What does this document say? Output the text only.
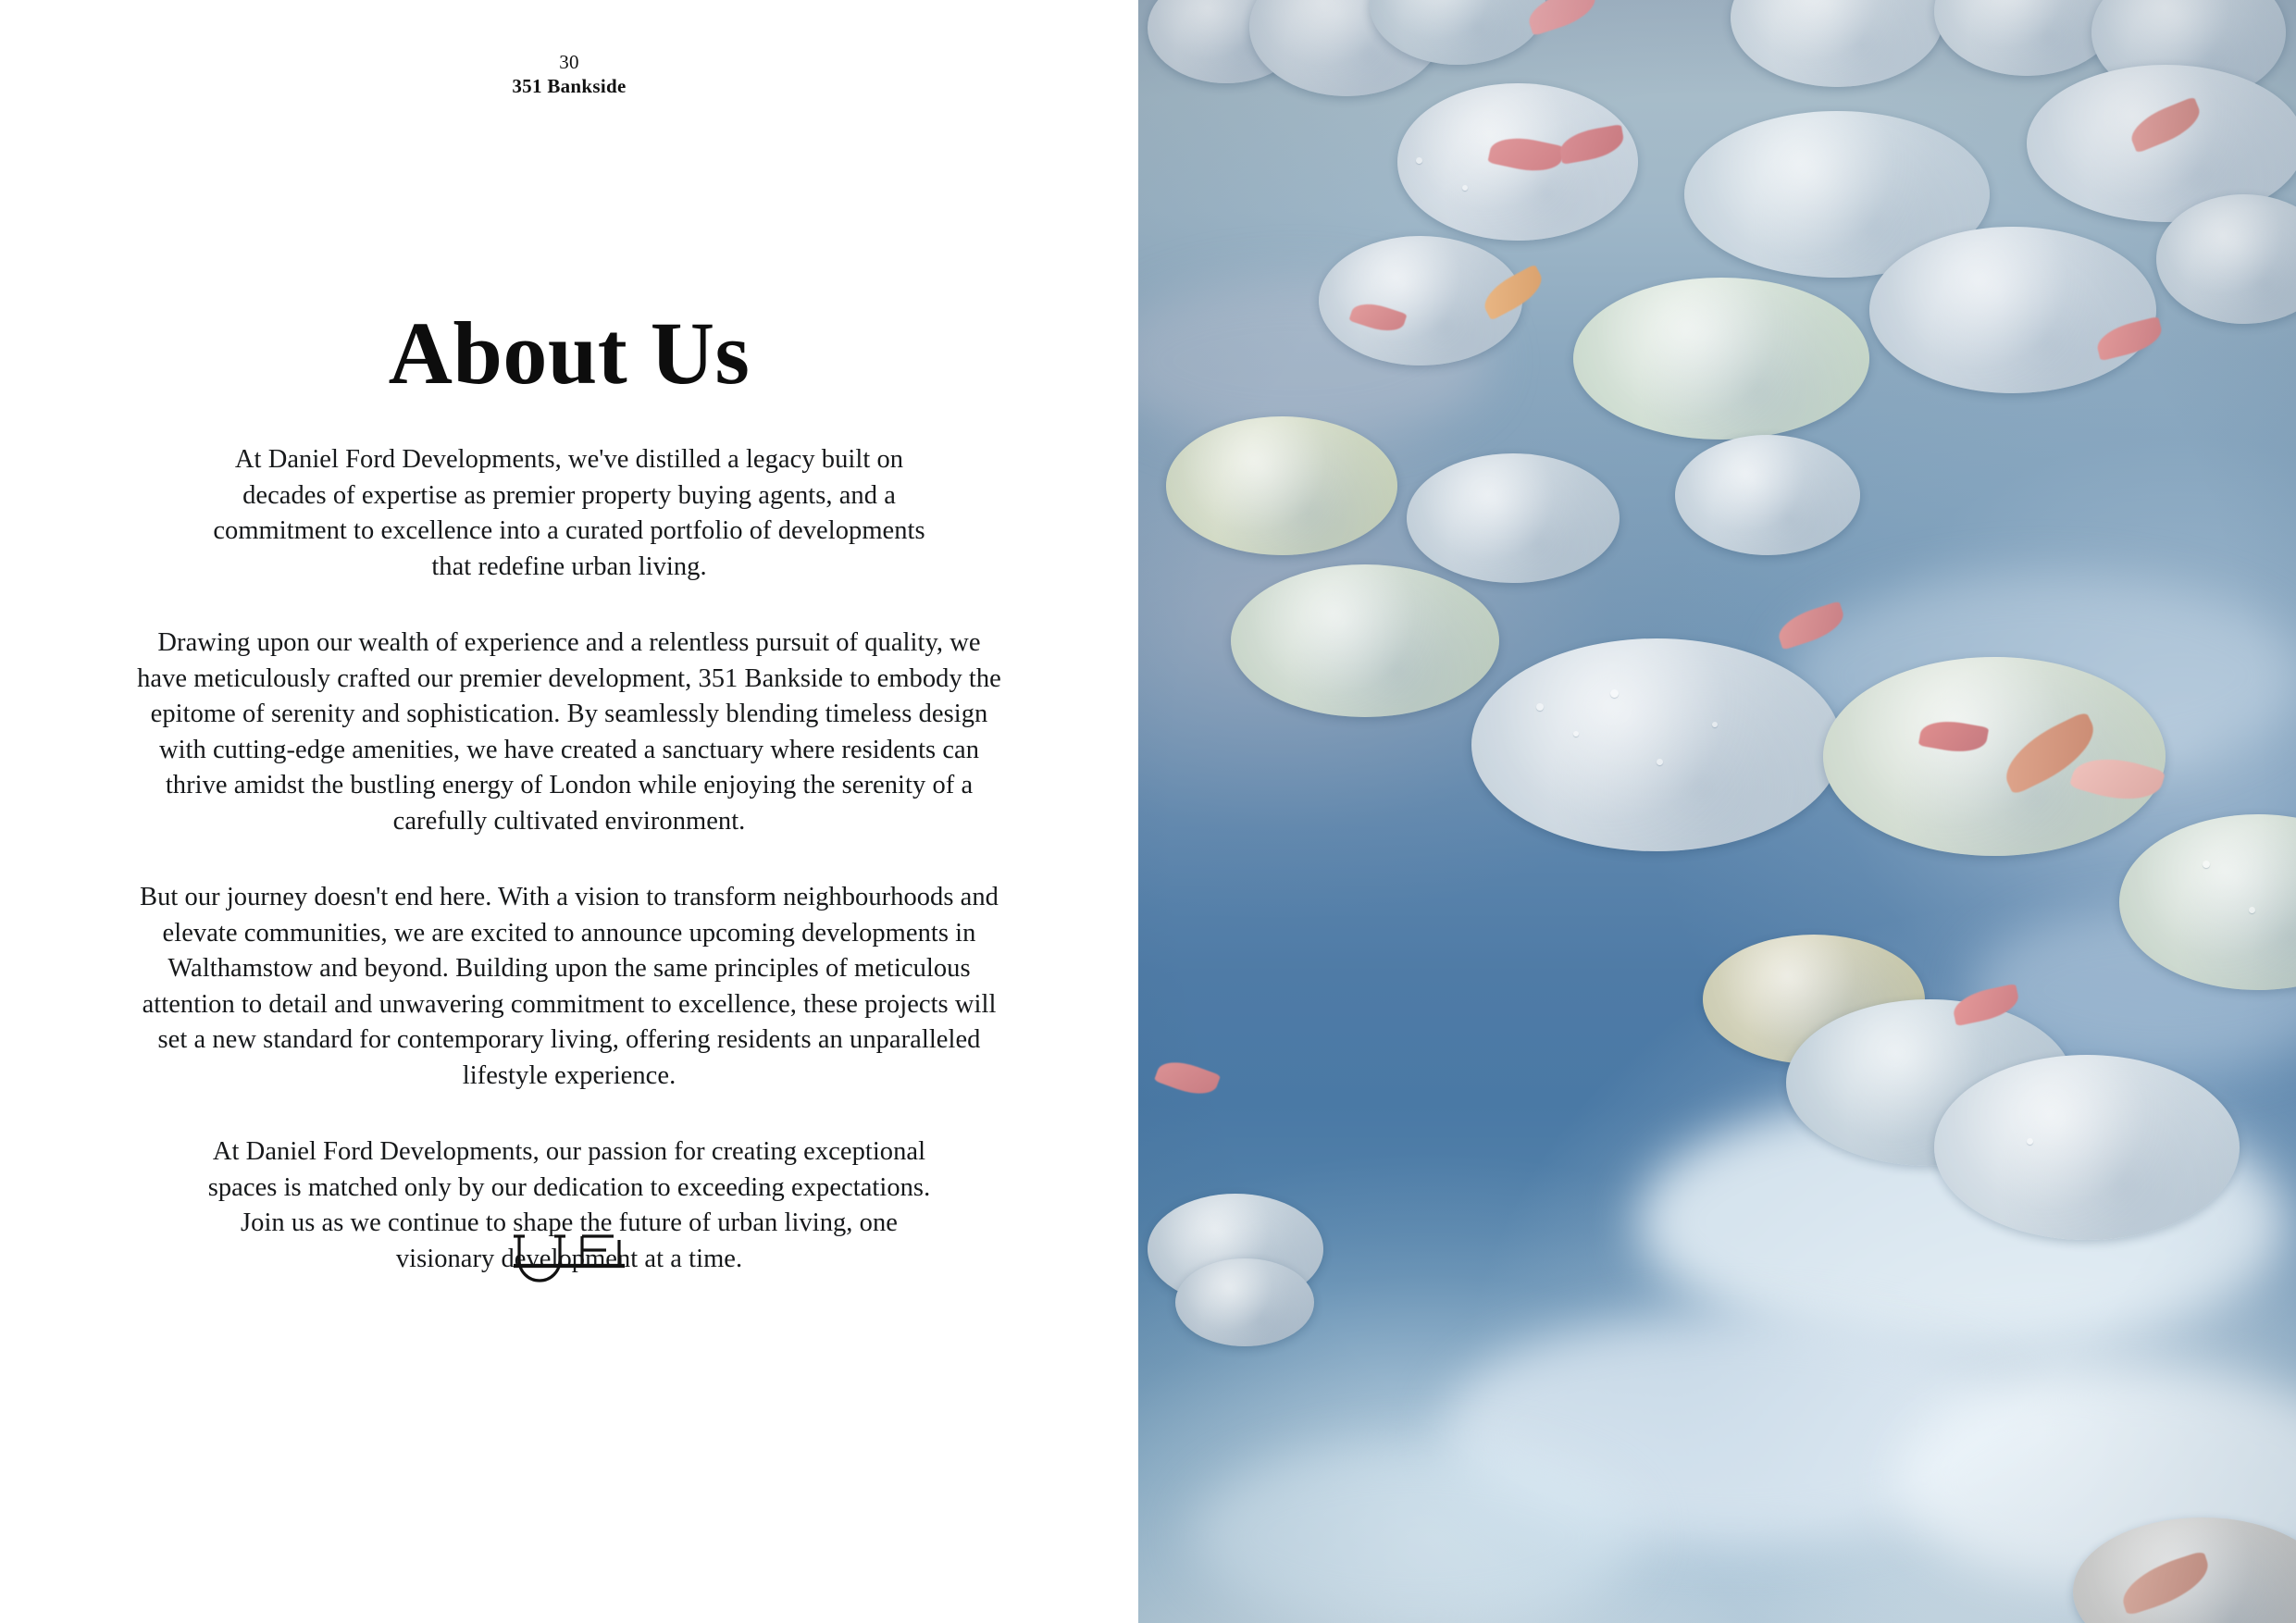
30
351 Bankside
About Us

At Daniel Ford Developments, we've distilled a legacy built on decades of expertise as premier property buying agents, and a commitment to excellence into a curated portfolio of developments that redefine urban living.

Drawing upon our wealth of experience and a relentless pursuit of quality, we have meticulously crafted our premier development, 351 Bankside to embody the epitome of serenity and sophistication. By seamlessly blending timeless design with cutting-edge amenities, we have created a sanctuary where residents can thrive amidst the bustling energy of London while enjoying the serenity of a carefully cultivated environment.

But our journey doesn't end here. With a vision to transform neighbourhoods and elevate communities, we are excited to announce upcoming developments in Walthamstow and beyond. Building upon the same principles of meticulous attention to detail and unwavering commitment to excellence, these projects will set a new standard for contemporary living, offering residents an unparalleled lifestyle experience.

At Daniel Ford Developments, our passion for creating exceptional spaces is matched only by our dedication to exceeding expectations. Join us as we continue to shape the future of urban living, one visionary development at a time.
